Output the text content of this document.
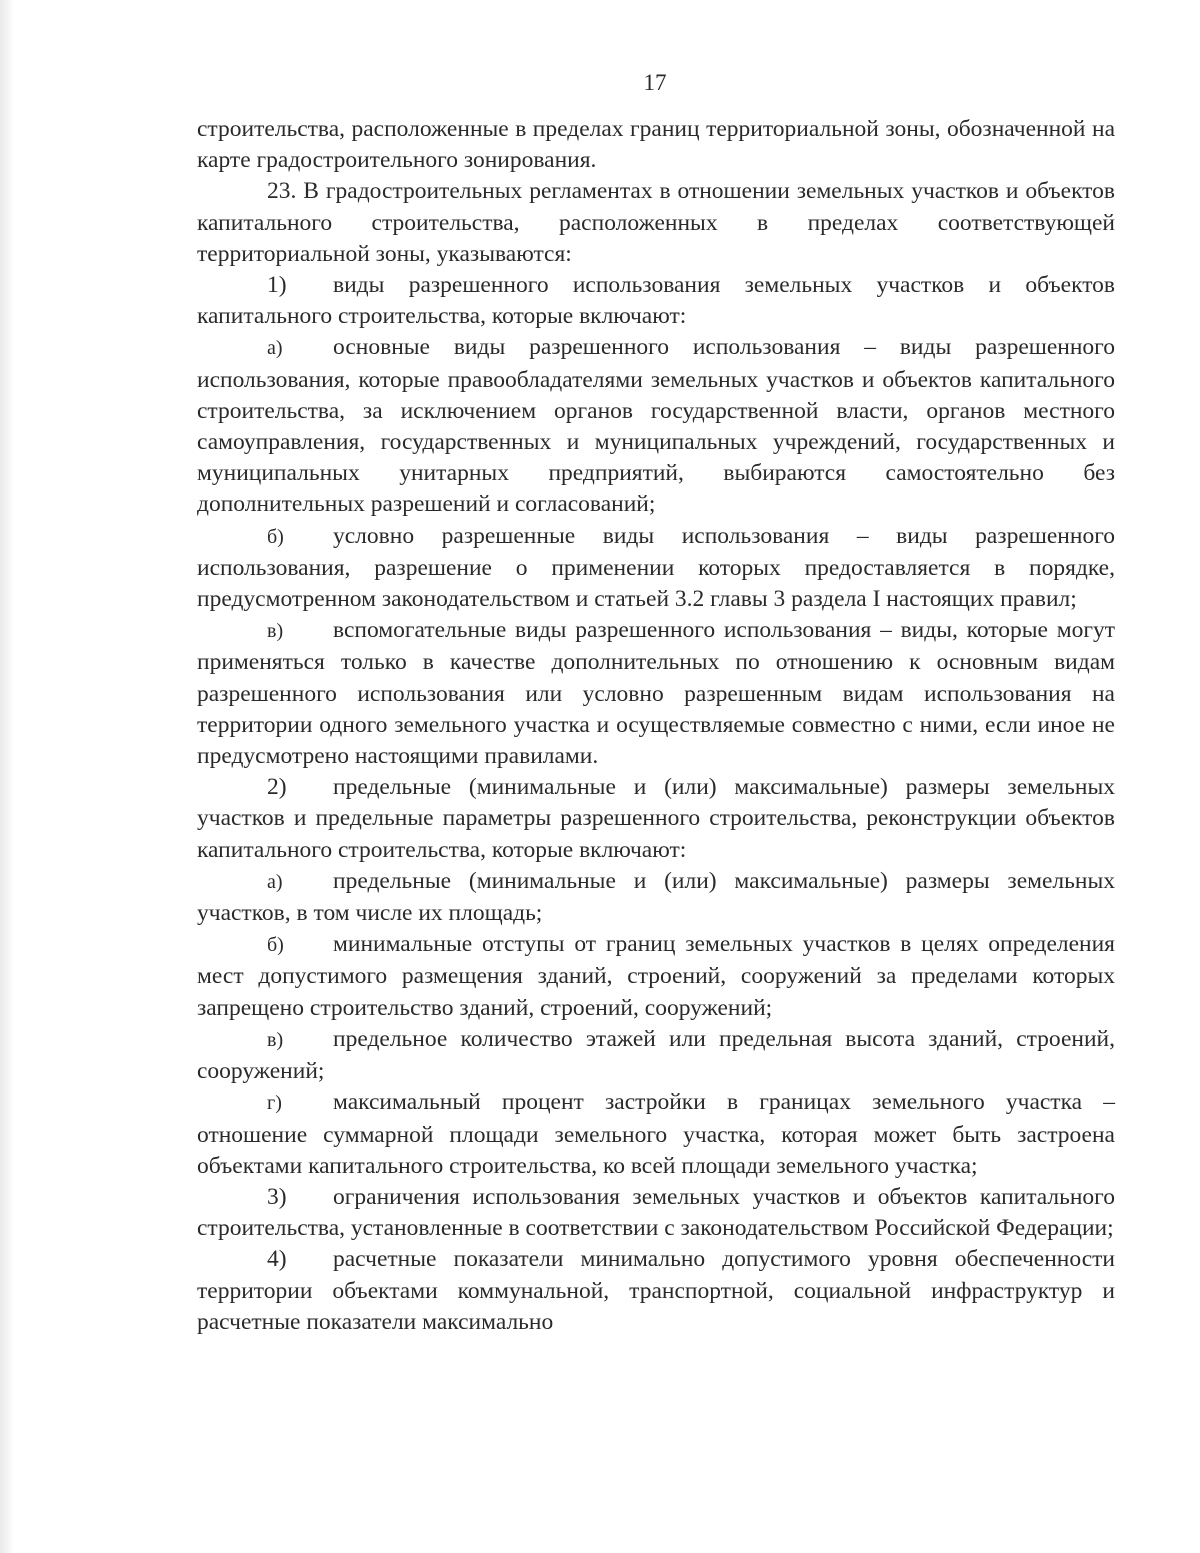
17

строительства, расположенные в пределах границ территориальной зоны, обозначенной на карте градостроительного зонирования.

23. В градостроительных регламентах в отношении земельных участков и объектов капитального строительства, расположенных в пределах соответствующей территориальной зоны, указываются:

1) виды разрешенного использования земельных участков и объектов капитального строительства, которые включают:

а) основные виды разрешенного использования – виды разрешенного использования, которые правообладателями земельных участков и объектов капитального строительства, за исключением органов государственной власти, органов местного самоуправления, государственных и муниципальных учреждений, государственных и муниципальных унитарных предприятий, выбираются самостоятельно без дополнительных разрешений и согласований;

б) условно разрешенные виды использования – виды разрешенного использования, разрешение о применении которых предоставляется в порядке, предусмотренном законодательством и статьей 3.2 главы 3 раздела I настоящих правил;

в) вспомогательные виды разрешенного использования – виды, которые могут применяться только в качестве дополнительных по отношению к основным видам разрешенного использования или условно разрешенным видам использования на территории одного земельного участка и осуществляемые совместно с ними, если иное не предусмотрено настоящими правилами.

2) предельные (минимальные и (или) максимальные) размеры земельных участков и предельные параметры разрешенного строительства, реконструкции объектов капитального строительства, которые включают:

а) предельные (минимальные и (или) максимальные) размеры земельных участков, в том числе их площадь;

б) минимальные отступы от границ земельных участков в целях определения мест допустимого размещения зданий, строений, сооружений за пределами которых запрещено строительство зданий, строений, сооружений;

в) предельное количество этажей или предельная высота зданий, строений, сооружений;

г) максимальный процент застройки в границах земельного участка – отношение суммарной площади земельного участка, которая может быть застроена объектами капитального строительства, ко всей площади земельного участка;

3) ограничения использования земельных участков и объектов капитального строительства, установленные в соответствии с законодательством Российской Федерации;

4) расчетные показатели минимально допустимого уровня обеспеченности территории объектами коммунальной, транспортной, социальной инфраструктур и расчетные показатели максимально
